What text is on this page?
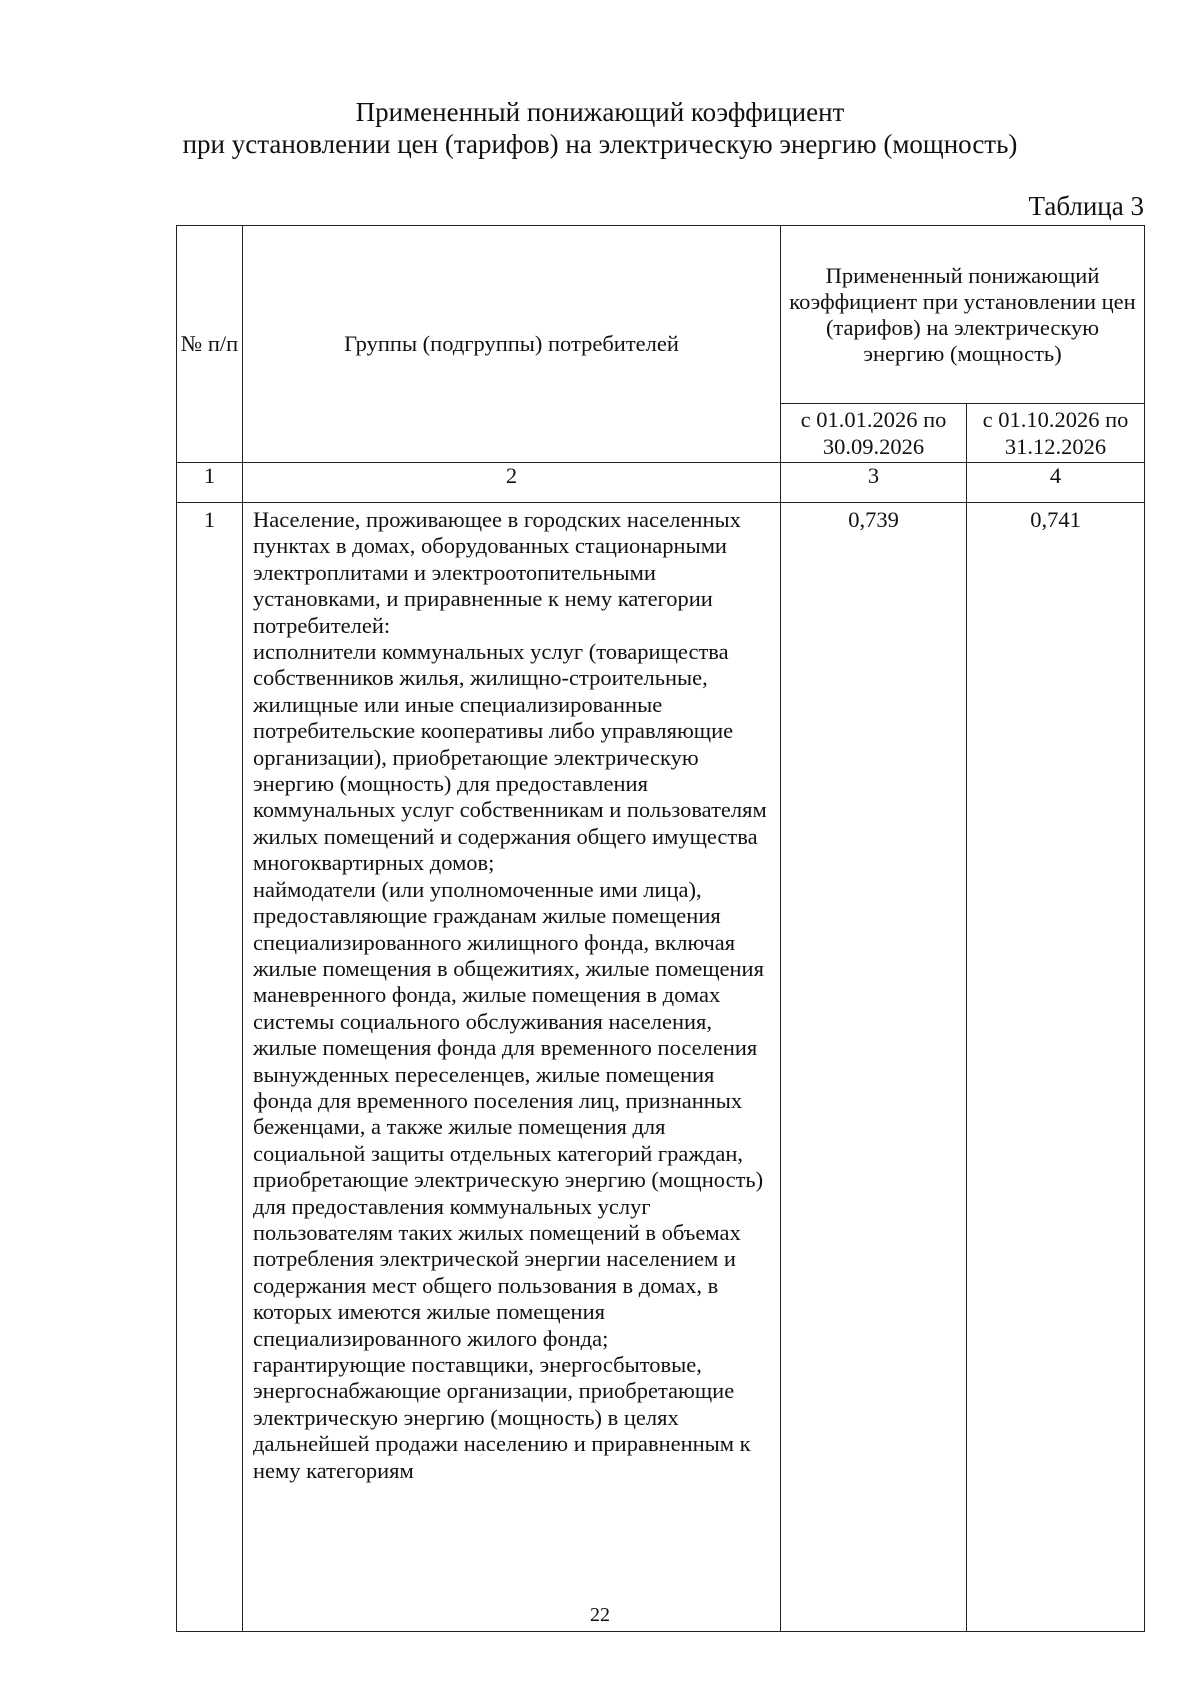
Примененный понижающий коэффициент
при установлении цен (тарифов) на электрическую энергию (мощность)
Таблица 3
№ п/п	Группы (подгруппы) потребителей	Примененный понижающий коэффициент при установлении цен (тарифов) на электрическую энергию (мощность)	
		с 01.01.2026 по 30.09.2026	с 01.10.2026 по 31.12.2026
1	2	3	4
1	Население, проживающее в городских населенных пунктах в домах, оборудованных стационарными электроплитами и электроотопительными установками, и приравненные к нему категории потребителей:

исполнители коммунальных услуг (товарищества собственников жилья, жилищно-строительные, жилищные или иные специализированные потребительские кооперативы либо управляющие организации), приобретающие электрическую энергию (мощность) для предоставления коммунальных услуг собственникам и пользователям жилых помещений и содержания общего имущества многоквартирных домов;

наймодатели (или уполномоченные ими лица), предоставляющие гражданам жилые помещения специализированного жилищного фонда, включая жилые помещения в общежитиях, жилые помещения маневренного фонда, жилые помещения в домах системы социального обслуживания населения, жилые помещения фонда для временного поселения вынужденных переселенцев, жилые помещения фонда для временного поселения лиц, признанных беженцами, а также жилые помещения для социальной защиты отдельных категорий граждан, приобретающие электрическую энергию (мощность) для предоставления коммунальных услуг пользователям таких жилых помещений в объемах потребления электрической энергии населением и содержания мест общего пользования в домах, в которых имеются жилые помещения специализированного жилого фонда;

гарантирующие поставщики, энергосбытовые, энергоснабжающие организации, приобретающие электрическую энергию (мощность) в целях дальнейшей продажи населению и приравненным к нему категориям	0,739	0,741
22
